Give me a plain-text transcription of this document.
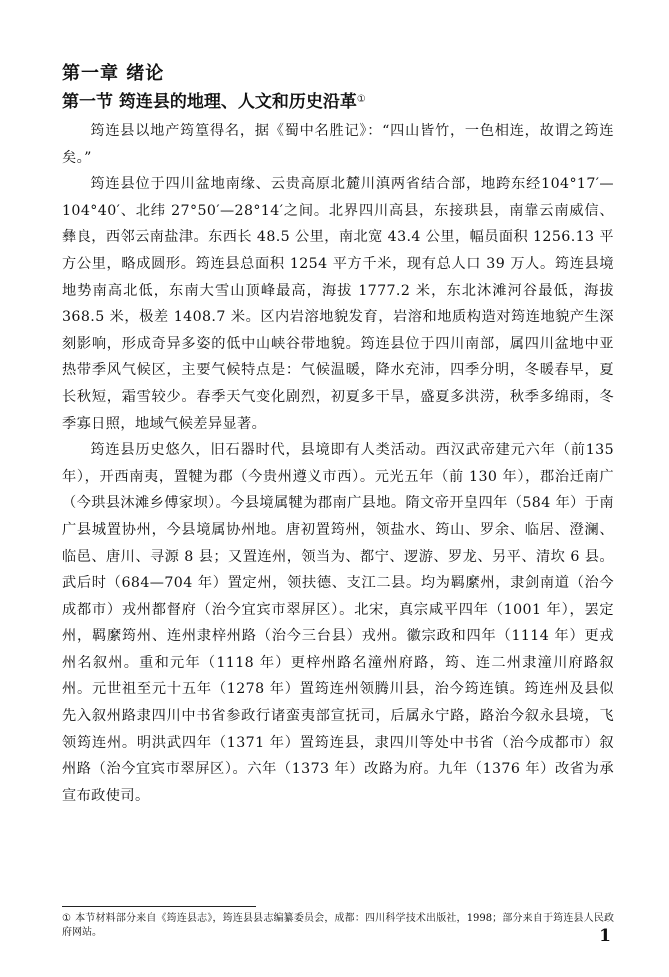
第一章 绪论
第一节 筠连县的地理、人文和历史沿革①

筠连县以地产筠篁得名，据《蜀中名胜记》：“四山皆竹，一色相连，故谓之筠连矣。”

筠连县位于四川盆地南缘、云贵高原北麓川滇两省结合部，地跨东经104°17′—104°40′、北纬 27°50′—28°14′之间。北界四川高县，东接珙县，南靠云南威信、彝良，西邻云南盐津。东西长 48.5 公里，南北宽 43.4 公里，幅员面积 1256.13 平方公里，略成圆形。筠连县总面积 1254 平方千米，现有总人口 39 万人。筠连县境地势南高北低，东南大雪山顶峰最高，海拔 1777.2 米，东北沐滩河谷最低，海拔 368.5 米，极差 1408.7 米。区内岩溶地貌发育，岩溶和地质构造对筠连地貌产生深刻影响，形成奇异多姿的低中山峡谷带地貌。筠连县位于四川南部，属四川盆地中亚热带季风气候区，主要气候特点是：气候温暖，降水充沛，四季分明，冬暖春早，夏长秋短，霜雪较少。春季天气变化剧烈，初夏多干旱，盛夏多洪涝，秋季多绵雨，冬季寡日照，地域气候差异显著。

筠连县历史悠久，旧石器时代，县境即有人类活动。西汉武帝建元六年（前135年），开西南夷，置犍为郡（今贵州遵义市西）。元光五年（前 130 年），郡治迁南广（今珙县沐滩乡傅家坝）。今县境属犍为郡南广县地。隋文帝开皇四年（584 年）于南广县城置协州，今县境属协州地。唐初置筠州，领盐水、筠山、罗余、临居、澄澜、临邑、唐川、寻源 8 县；又置连州，领当为、都宁、逻游、罗龙、另平、清坎 6 县。武后时（684—704 年）置定州，领扶德、支江二县。均为羁縻州，隶剑南道（治今成都市）戎州都督府（治今宜宾市翠屏区）。北宋，真宗咸平四年（1001 年），罢定州，羁縻筠州、连州隶梓州路（治今三台县）戎州。徽宗政和四年（1114 年）更戎州名叙州。重和元年（1118 年）更梓州路名潼州府路，筠、连二州隶潼川府路叙州。元世祖至元十五年（1278 年）置筠连州领腾川县，治今筠连镇。筠连州及县似先入叙州路隶四川中书省参政行诸蛮夷部宣抚司，后属永宁路，路治今叙永县境，飞领筠连州。明洪武四年（1371 年）置筠连县，隶四川等处中书省（治今成都市）叙州路（治今宜宾市翠屏区）。六年（1373 年）改路为府。九年（1376 年）改省为承宣布政使司。

① 本节材料部分来自《筠连县志》，筠连县县志编纂委员会，成都：四川科学技术出版社，1998；部分来自于筠连县人民政府网站。	1
